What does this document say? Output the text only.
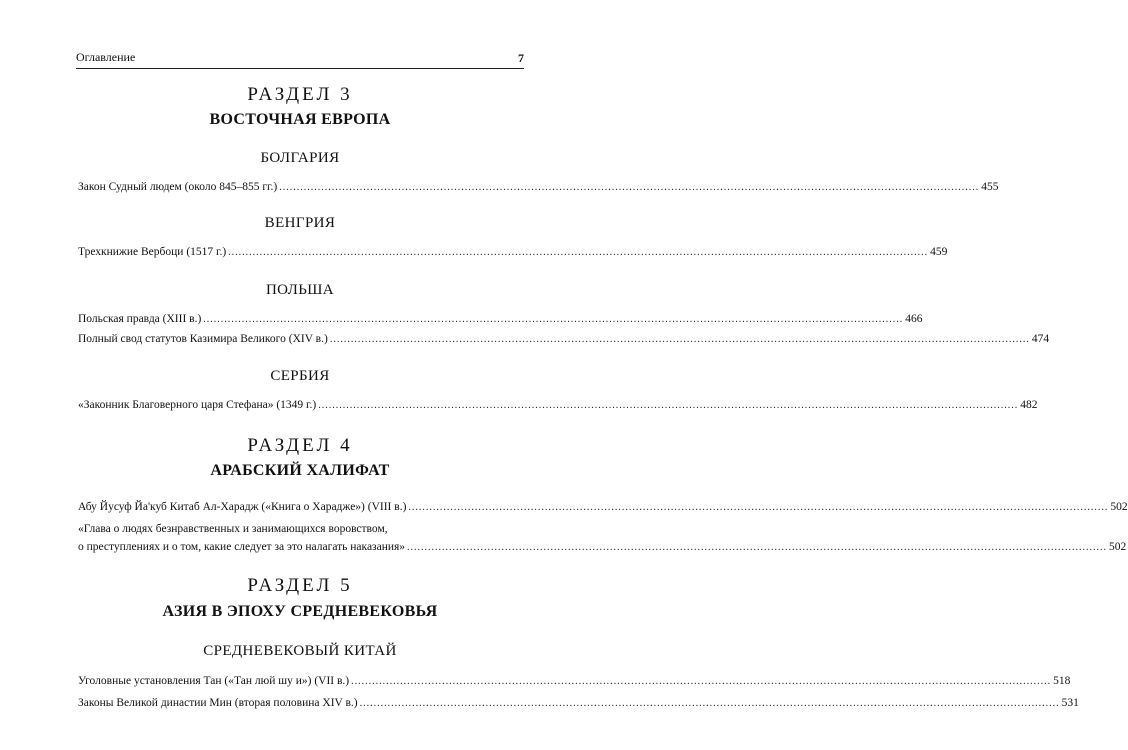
Оглавление	7
РАЗДЕЛ 3
ВОСТОЧНАЯ ЕВРОПА
БОЛГАРИЯ
Закон Судный людем (около 845–855 гг.) ........................................................................................................................................................................................................ 455
ВЕНГРИЯ
Трехкнижие Вербоци (1517 г.) ........................................................................................................................................................................................................ 459
ПОЛЬША
Польская правда (XIII в.) ........................................................................................................................................................................................................ 466
Полный свод статутов Казимира Великого (XIV в.) ........................................................................................................................................................................................................ 474
СЕРБИЯ
«Законник Благоверного царя Стефана» (1349 г.) ........................................................................................................................................................................................................ 482
РАЗДЕЛ 4
АРАБСКИЙ ХАЛИФАТ
Абу Йусуф Йа'куб Китаб Ал-Харадж («Книга о Харадже») (VIII в.) ........................................................................................................................................................................................................ 502
«Глава о людях безнравственных и занимающихся воровством,
о преступлениях и о том, какие следует за это налагать наказания» ........................................................................................................................................................................................................ 502
РАЗДЕЛ 5
АЗИЯ В ЭПОХУ СРЕДНЕВЕКОВЬЯ
СРЕДНЕВЕКОВЫЙ КИТАЙ
Уголовные установления Тан («Тан люй шу и») (VII в.) ........................................................................................................................................................................................................ 518
Законы Великой династии Мин (вторая половина XIV в.) ........................................................................................................................................................................................................ 531
